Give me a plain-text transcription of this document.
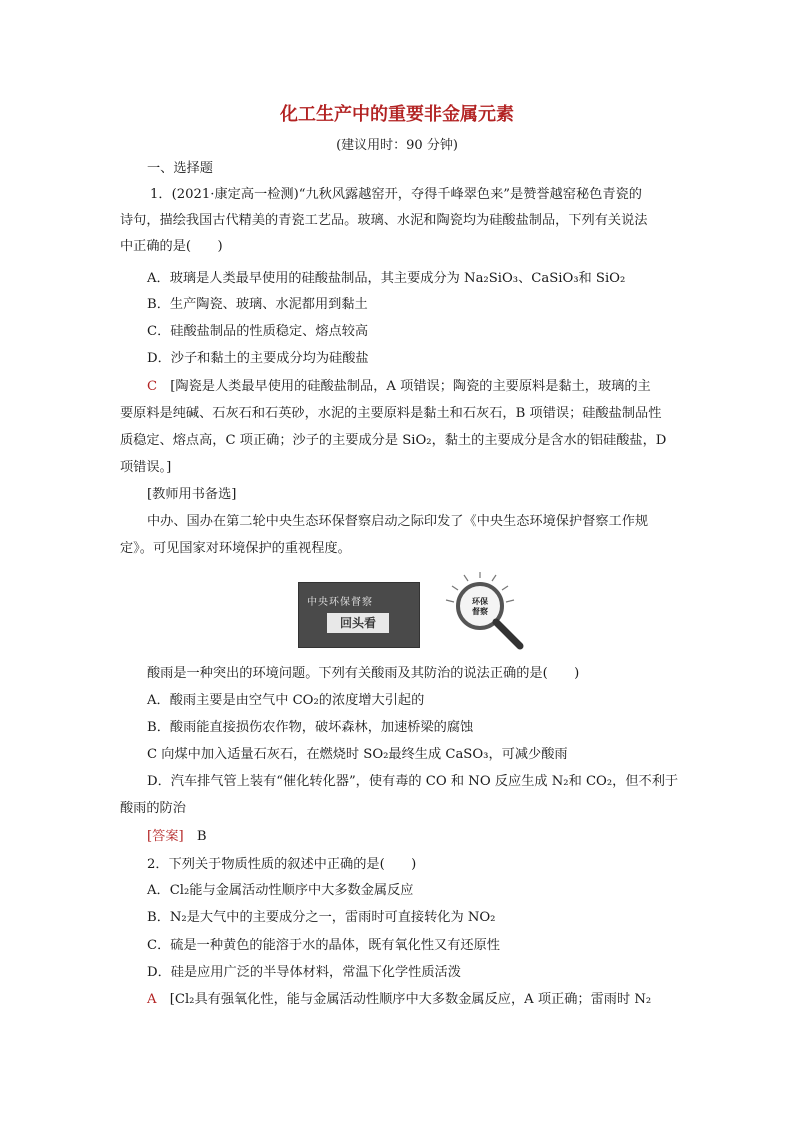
化工生产中的重要非金属元素
(建议用时：90 分钟)
一、选择题
1．(2021·康定高一检测)“九秋风露越窑开，夺得千峰翠色来”是赞誉越窑秘色青瓷的
诗句，描绘我国古代精美的青瓷工艺品。玻璃、水泥和陶瓷均为硅酸盐制品，下列有关说法
中正确的是(　　)
A．玻璃是人类最早使用的硅酸盐制品，其主要成分为 Na₂SiO₃、CaSiO₃和 SiO₂
B．生产陶瓷、玻璃、水泥都用到黏土
C．硅酸盐制品的性质稳定、熔点较高
D．沙子和黏土的主要成分均为硅酸盐
C　[陶瓷是人类最早使用的硅酸盐制品，A 项错误；陶瓷的主要原料是黏土，玻璃的主
要原料是纯碱、石灰石和石英砂，水泥的主要原料是黏土和石灰石，B 项错误；硅酸盐制品性
质稳定、熔点高，C 项正确；沙子的主要成分是 SiO₂，黏土的主要成分是含水的铝硅酸盐，D
项错误。]
[教师用书备选]
中办、国办在第二轮中央生态环保督察启动之际印发了《中央生态环境保护督察工作规
定》。可见国家对环境保护的重视程度。
中央环保督察
回头看
环保
督察
酸雨是一种突出的环境问题。下列有关酸雨及其防治的说法正确的是(　　)
A．酸雨主要是由空气中 CO₂的浓度增大引起的
B．酸雨能直接损伤农作物，破坏森林，加速桥梁的腐蚀
C 向煤中加入适量石灰石，在燃烧时 SO₂最终生成 CaSO₃，可减少酸雨
D．汽车排气管上装有“催化转化器”，使有毒的 CO 和 NO 反应生成 N₂和 CO₂，但不利于
酸雨的防治
[答案]　B
2．下列关于物质性质的叙述中正确的是(　　)
A．Cl₂能与金属活动性顺序中大多数金属反应
B．N₂是大气中的主要成分之一，雷雨时可直接转化为 NO₂
C．硫是一种黄色的能溶于水的晶体，既有氧化性又有还原性
D．硅是应用广泛的半导体材料，常温下化学性质活泼
A　[Cl₂具有强氧化性，能与金属活动性顺序中大多数金属反应，A 项正确；雷雨时 N₂
